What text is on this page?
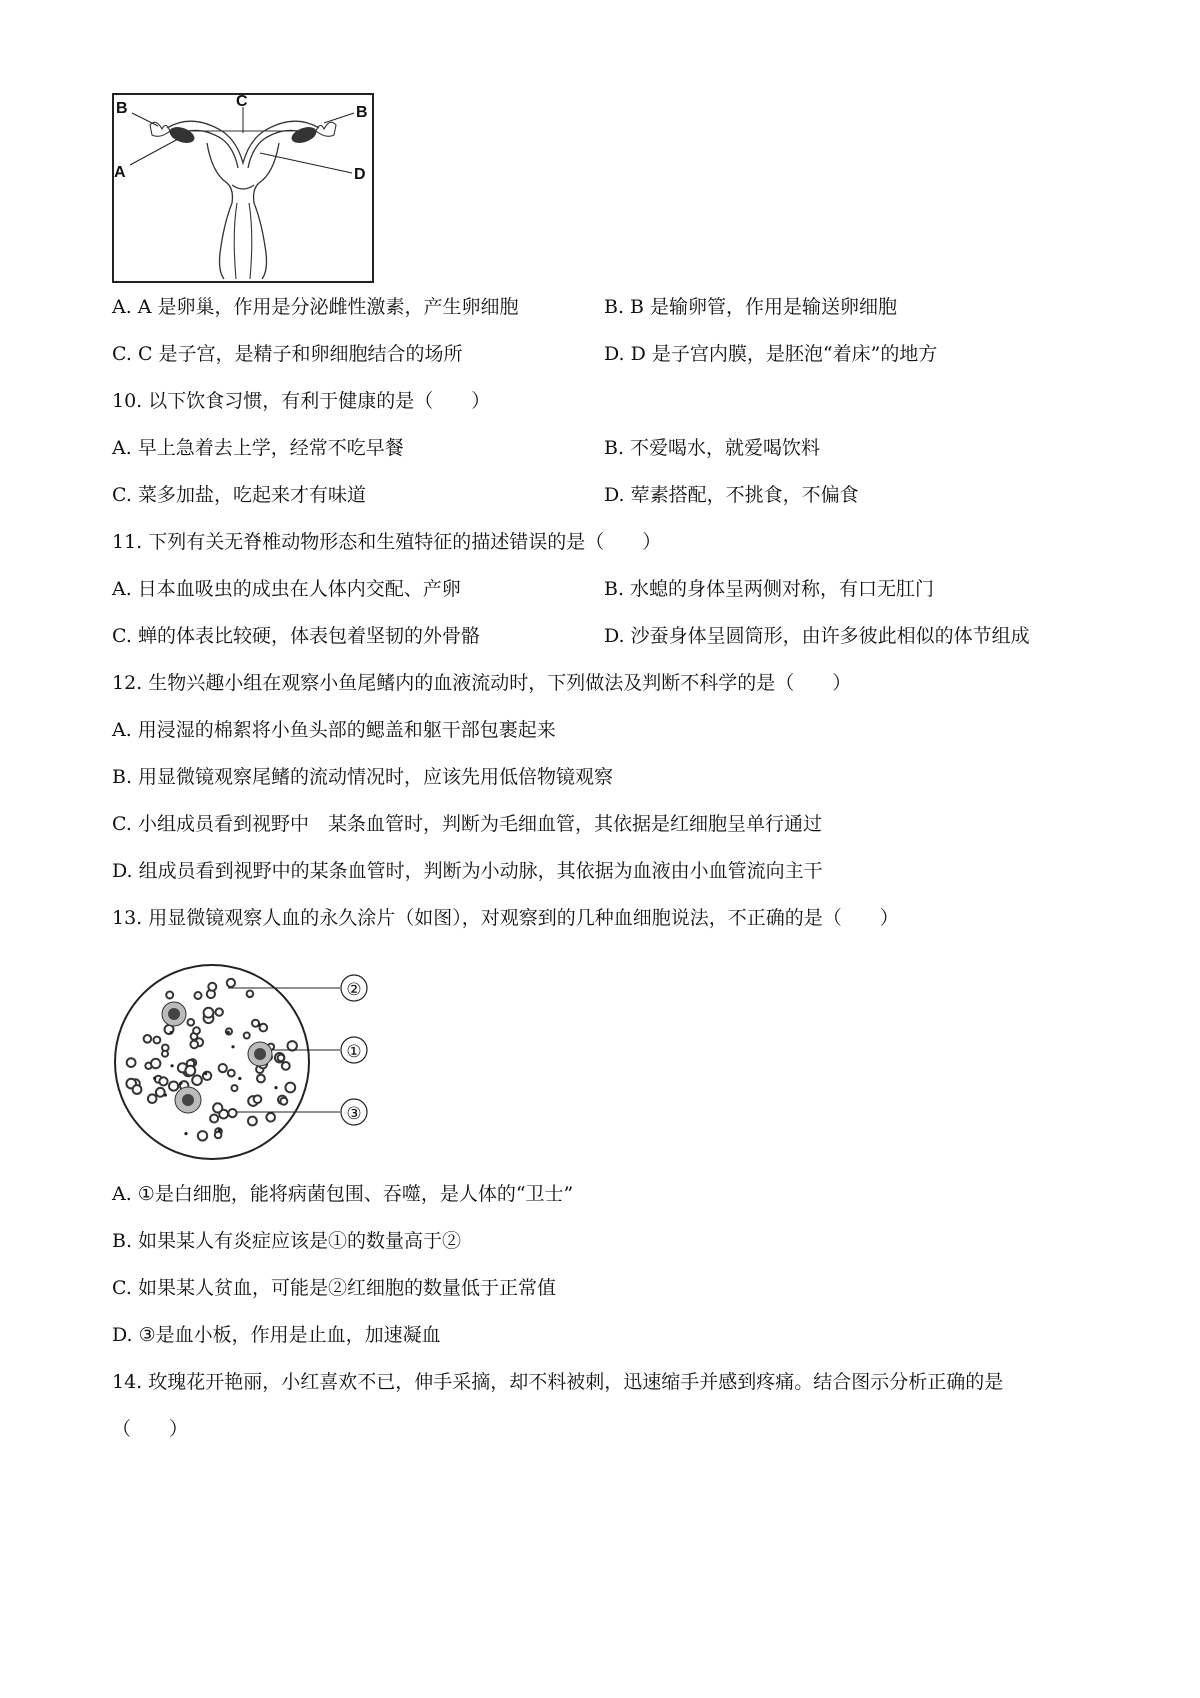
B	B
C
A	D
A. A 是卵巢，作用是分泌雌性激素，产生卵细胞	B. B 是输卵管，作用是输送卵细胞
C. C 是子宫，是精子和卵细胞结合的场所	D. D 是子宫内膜，是胚泡“着床”的地方
10. 以下饮食习惯，有利于健康的是（　　）
A. 早上急着去上学，经常不吃早餐	B. 不爱喝水，就爱喝饮料
C. 菜多加盐，吃起来才有味道	D. 荤素搭配，不挑食，不偏食
11. 下列有关无脊椎动物形态和生殖特征的描述错误的是（　　）
A. 日本血吸虫的成虫在人体内交配、产卵	B. 水螅的身体呈两侧对称，有口无肛门
C. 蝉的体表比较硬，体表包着坚韧的外骨骼	D. 沙蚕身体呈圆筒形，由许多彼此相似的体节组成
12. 生物兴趣小组在观察小鱼尾鳍内的血液流动时，下列做法及判断不科学的是（　　）
A. 用浸湿的棉絮将小鱼头部的鳃盖和躯干部包裹起来
B. 用显微镜观察尾鳍的流动情况时，应该先用低倍物镜观察
C. 小组成员看到视野中　某条血管时，判断为毛细血管，其依据是红细胞呈单行通过
D. 组成员看到视野中的某条血管时，判断为小动脉，其依据为血液由小血管流向主干
13. 用显微镜观察人血的永久涂片（如图），对观察到的几种血细胞说法，不正确的是（　　）
②
①
③
A. ①是白细胞，能将病菌包围、吞噬，是人体的“卫士”
B. 如果某人有炎症应该是①的数量高于②
C. 如果某人贫血，可能是②红细胞的数量低于正常值
D. ③是血小板，作用是止血，加速凝血
14. 玫瑰花开艳丽，小红喜欢不已，伸手采摘，却不料被刺，迅速缩手并感到疼痛。结合图示分析正确的是
（　　）
